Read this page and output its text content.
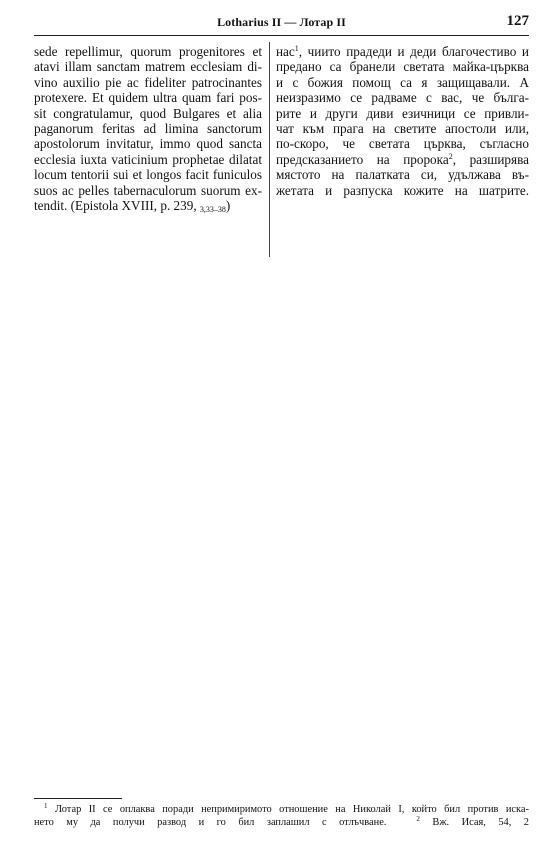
Lotharius II — Лотар II	127
sede repellimur, quorum progenitores et
atavi illam sanctam matrem ecclesiam di-
vino auxilio pie ac fideliter patrocinantes
protexere. Et quidem ultra quam fari pos-
sit congratulamur, quod Bulgares et alia
paganorum feritas ad limina sanctorum
apostolorum invitatur, immo quod sancta
ecclesia iuxta vaticinium prophetae dilatat
locum tentorii sui et longos facit funiculos
suos ac pelles tabernaculorum suorum ex-
tendit. (Epistola XVIII, p. 239, 3,33–38)
нас$^1$, чиито прадеди и деди благочестиво и
предано са бранели светата майка-църква
и с божия помощ са я защищавали. А
неизразимо се радваме с вас, че бълга-
рите и други диви езичници се привли-
чат към прага на светите апостоли или,
по-скоро, че светата църква, съгласно
предсказанието на пророка$^2$, разширява
мястото на палатката си, удължава въ-
жетата и разпуска кожите на шатрите.
$^1$ Лотар II се оплаква поради непримиримото отношение на Николай I, който бил против иска-
нето му да получи развод и го бил заплашил с отлъчване.	$^2$ Вж. Исая, 54, 2
